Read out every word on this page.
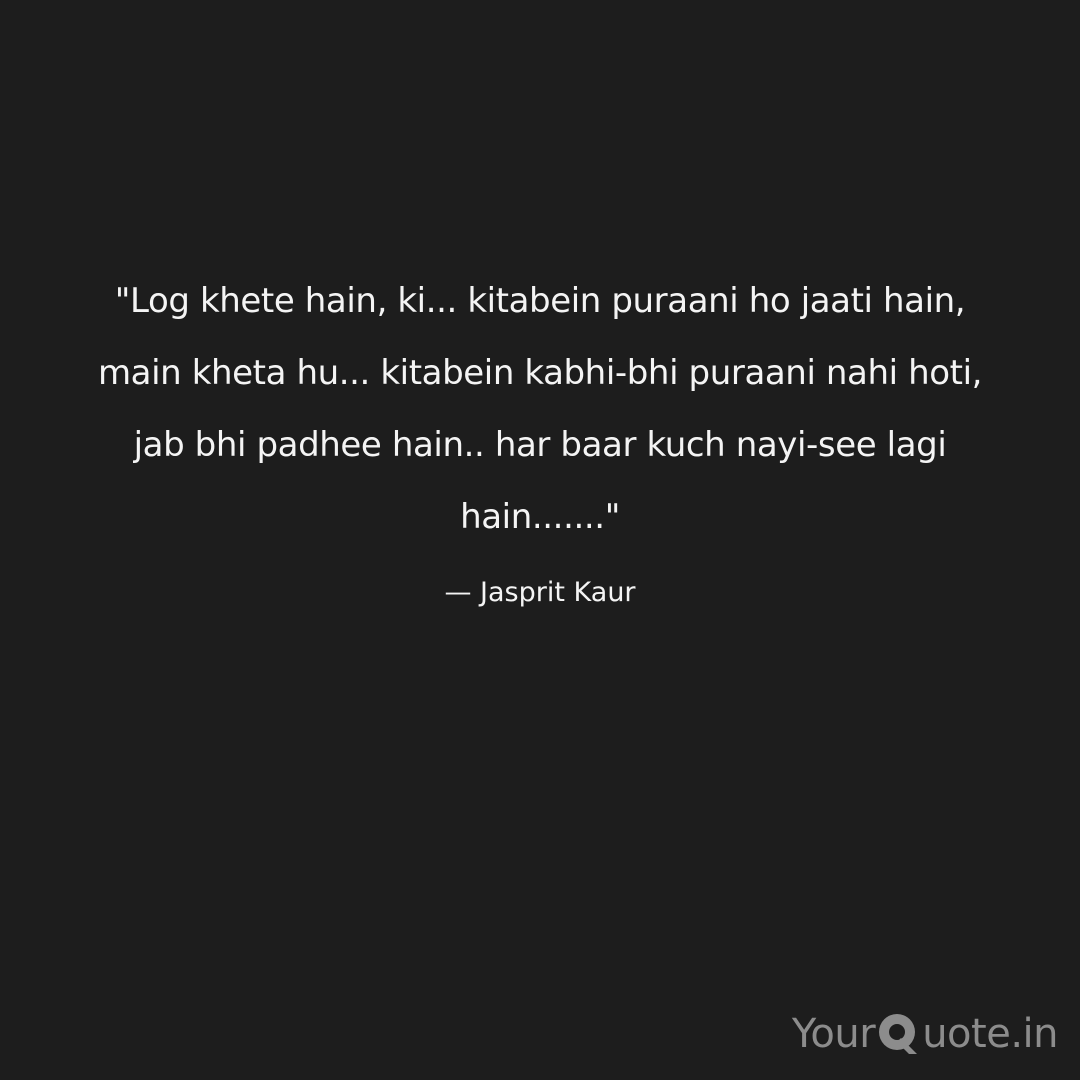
"Log khete hain, ki... kitabein puraani ho jaati hain,
main kheta hu... kitabein kabhi-bhi puraani nahi hoti,
jab bhi padhee hain.. har baar kuch nayi-see lagi
hain......."
— Jasprit Kaur
Your uote.in
